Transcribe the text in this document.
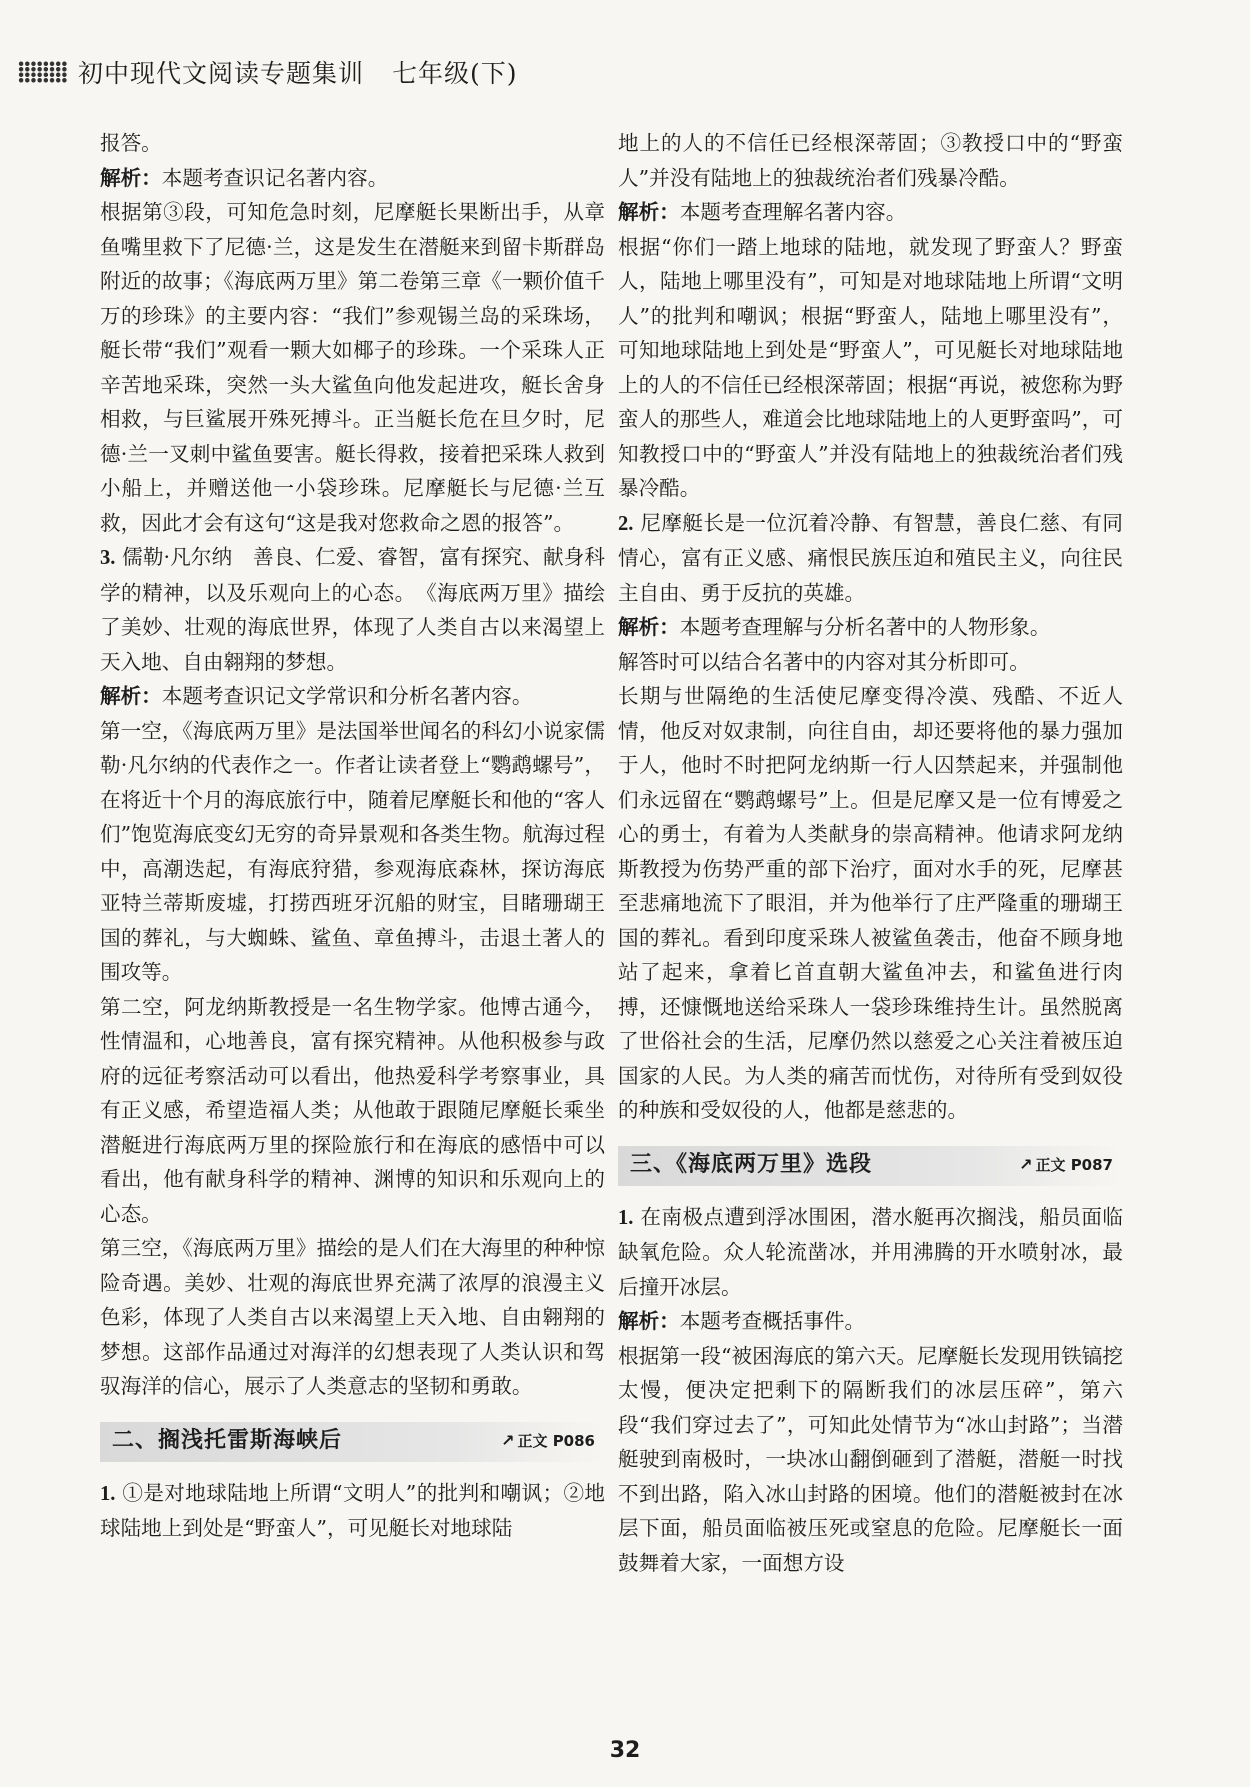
初中现代文阅读专题集训 七年级(下)

报答。

解析：本题考查识记名著内容。

根据第③段，可知危急时刻，尼摩艇长果断出手，从章鱼嘴里救下了尼德·兰，这是发生在潜艇来到留卡斯群岛附近的故事；《海底两万里》第二卷第三章《一颗价值千万的珍珠》的主要内容：“我们”参观锡兰岛的采珠场，艇长带“我们”观看一颗大如椰子的珍珠。一个采珠人正辛苦地采珠，突然一头大鲨鱼向他发起进攻，艇长舍身相救，与巨鲨展开殊死搏斗。正当艇长危在旦夕时，尼德·兰一叉刺中鲨鱼要害。艇长得救，接着把采珠人救到小船上，并赠送他一小袋珍珠。尼摩艇长与尼德·兰互救，因此才会有这句“这是我对您救命之恩的报答”。

3. 儒勒·凡尔纳　善良、仁爱、睿智，富有探究、献身科学的精神，以及乐观向上的心态。　《海底两万里》描绘了美妙、壮观的海底世界，体现了人类自古以来渴望上天入地、自由翱翔的梦想。

解析：本题考查识记文学常识和分析名著内容。

第一空，《海底两万里》是法国举世闻名的科幻小说家儒勒·凡尔纳的代表作之一。作者让读者登上“鹦鹉螺号”，在将近十个月的海底旅行中，随着尼摩艇长和他的“客人们”饱览海底变幻无穷的奇异景观和各类生物。航海过程中，高潮迭起，有海底狩猎，参观海底森林，探访海底亚特兰蒂斯废墟，打捞西班牙沉船的财宝，目睹珊瑚王国的葬礼，与大蜘蛛、鲨鱼、章鱼搏斗，击退土著人的围攻等。

第二空，阿龙纳斯教授是一名生物学家。他博古通今，性情温和，心地善良，富有探究精神。从他积极参与政府的远征考察活动可以看出，他热爱科学考察事业，具有正义感，希望造福人类；从他敢于跟随尼摩艇长乘坐潜艇进行海底两万里的探险旅行和在海底的感悟中可以看出，他有献身科学的精神、渊博的知识和乐观向上的心态。

第三空，《海底两万里》描绘的是人们在大海里的种种惊险奇遇。美妙、壮观的海底世界充满了浓厚的浪漫主义色彩，体现了人类自古以来渴望上天入地、自由翱翔的梦想。这部作品通过对海洋的幻想表现了人类认识和驾驭海洋的信心，展示了人类意志的坚韧和勇敢。

二、搁浅托雷斯海峡后	↗ 正文 P086

1. ①是对地球陆地上所谓“文明人”的批判和嘲讽；②地球陆地上到处是“野蛮人”，可见艇长对地球陆

地上的人的不信任已经根深蒂固；③教授口中的“野蛮人”并没有陆地上的独裁统治者们残暴冷酷。

解析：本题考查理解名著内容。

根据“你们一踏上地球的陆地，就发现了野蛮人？野蛮人，陆地上哪里没有”，可知是对地球陆地上所谓“文明人”的批判和嘲讽；根据“野蛮人，陆地上哪里没有”，可知地球陆地上到处是“野蛮人”，可见艇长对地球陆地上的人的不信任已经根深蒂固；根据“再说，被您称为野蛮人的那些人，难道会比地球陆地上的人更野蛮吗”，可知教授口中的“野蛮人”并没有陆地上的独裁统治者们残暴冷酷。

2. 尼摩艇长是一位沉着冷静、有智慧，善良仁慈、有同情心，富有正义感、痛恨民族压迫和殖民主义，向往民主自由、勇于反抗的英雄。

解析：本题考查理解与分析名著中的人物形象。

解答时可以结合名著中的内容对其分析即可。

长期与世隔绝的生活使尼摩变得冷漠、残酷、不近人情，他反对奴隶制，向往自由，却还要将他的暴力强加于人，他时不时把阿龙纳斯一行人囚禁起来，并强制他们永远留在“鹦鹉螺号”上。但是尼摩又是一位有博爱之心的勇士，有着为人类献身的崇高精神。他请求阿龙纳斯教授为伤势严重的部下治疗，面对水手的死，尼摩甚至悲痛地流下了眼泪，并为他举行了庄严隆重的珊瑚王国的葬礼。看到印度采珠人被鲨鱼袭击，他奋不顾身地站了起来，拿着匕首直朝大鲨鱼冲去，和鲨鱼进行肉搏，还慷慨地送给采珠人一袋珍珠维持生计。虽然脱离了世俗社会的生活，尼摩仍然以慈爱之心关注着被压迫国家的人民。为人类的痛苦而忧伤，对待所有受到奴役的种族和受奴役的人，他都是慈悲的。

三、《海底两万里》选段	↗ 正文 P087

1. 在南极点遭到浮冰围困，潜水艇再次搁浅，船员面临缺氧危险。众人轮流凿冰，并用沸腾的开水喷射冰，最后撞开冰层。

解析：本题考查概括事件。

根据第一段“被困海底的第六天。尼摩艇长发现用铁镐挖太慢，便决定把剩下的隔断我们的冰层压碎”，第六段“我们穿过去了”，可知此处情节为“冰山封路”；当潜艇驶到南极时，一块冰山翻倒砸到了潜艇，潜艇一时找不到出路，陷入冰山封路的困境。他们的潜艇被封在冰层下面，船员面临被压死或窒息的危险。尼摩艇长一面鼓舞着大家，一面想方设

32
